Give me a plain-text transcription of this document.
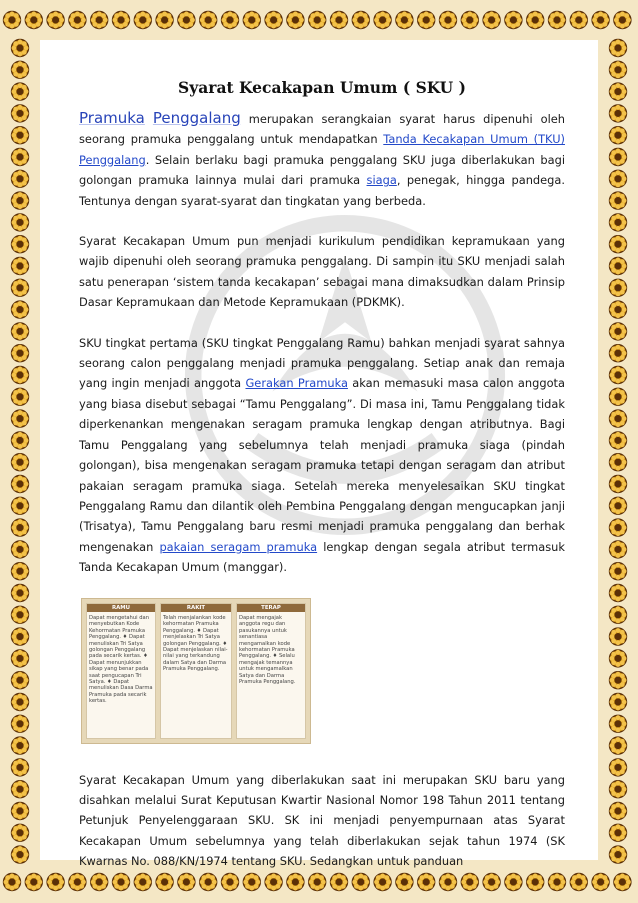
Syarat Kecakapan Umum ( SKU )

Pramuka Penggalang merupakan serangkaian syarat harus dipenuhi oleh seorang pramuka penggalang untuk mendapatkan Tanda Kecakapan Umum (TKU) Penggalang. Selain berlaku bagi pramuka penggalang SKU juga diberlakukan bagi golongan pramuka lainnya mulai dari pramuka siaga, penegak, hingga pandega. Tentunya dengan syarat-syarat dan tingkatan yang berbeda.

Syarat Kecakapan Umum pun menjadi kurikulum pendidikan kepramukaan yang wajib dipenuhi oleh seorang pramuka penggalang. Di sampin itu SKU menjadi salah satu penerapan ‘sistem tanda kecakapan’ sebagai mana dimaksudkan dalam Prinsip Dasar Kepramukaan dan Metode Kepramukaan (PDKMK).

SKU tingkat pertama (SKU tingkat Penggalang Ramu) bahkan menjadi syarat sahnya seorang calon penggalang menjadi pramuka penggalang. Setiap anak dan remaja yang ingin menjadi anggota Gerakan Pramuka akan memasuki masa calon anggota yang biasa disebut sebagai “Tamu Penggalang”. Di masa ini, Tamu Penggalang tidak diperkenankan mengenakan seragam pramuka lengkap dengan atributnya. Bagi Tamu Penggalang yang sebelumnya telah menjadi pramuka siaga (pindah golongan), bisa mengenakan seragam pramuka tetapi dengan seragam dan atribut pakaian seragam pramuka siaga. Setelah mereka menyelesaikan SKU tingkat Penggalang Ramu dan dilantik oleh Pembina Penggalang dengan mengucapkan janji (Trisatya), Tamu Penggalang baru resmi menjadi pramuka penggalang dan berhak mengenakan pakaian seragam pramuka lengkap dengan segala atribut termasuk Tanda Kecakapan Umum (manggar).

RAMU
Dapat mengetahui dan menyebutkan Kode Kehormatan Pramuka Penggalang. ♦ Dapat menuliskan Tri Satya golongan Penggalang pada secarik kertas. ♦ Dapat menunjukkan sikap yang benar pada saat pengucapan Tri Satya. ♦ Dapat menuliskan Dasa Darma Pramuka pada secarik kertas.
RAKIT
Telah menjalankan kode kehormatan Pramuka Penggalang. ♦ Dapat menjelaskan Tri Satya golongan Penggalang. ♦ Dapat menjelaskan nilai-nilai yang terkandung dalam Satya dan Darma Pramuka Penggalang.
TERAP
Dapat mengajak anggota regu dan pasukannya untuk senantiasa mengamalkan kode kehormatan Pramuka Penggalang. ♦ Selalu mengajak temannya untuk mengamalkan Satya dan Darma Pramuka Penggalang.

Syarat Kecakapan Umum yang diberlakukan saat ini merupakan SKU baru yang disahkan melalui Surat Keputusan Kwartir Nasional Nomor 198 Tahun 2011 tentang Petunjuk Penyelenggaraan SKU. SK ini menjadi penyempurnaan atas Syarat Kecakapan Umum sebelumnya yang telah diberlakukan sejak tahun 1974 (SK Kwarnas No. 088/KN/1974 tentang SKU. Sedangkan untuk panduan
